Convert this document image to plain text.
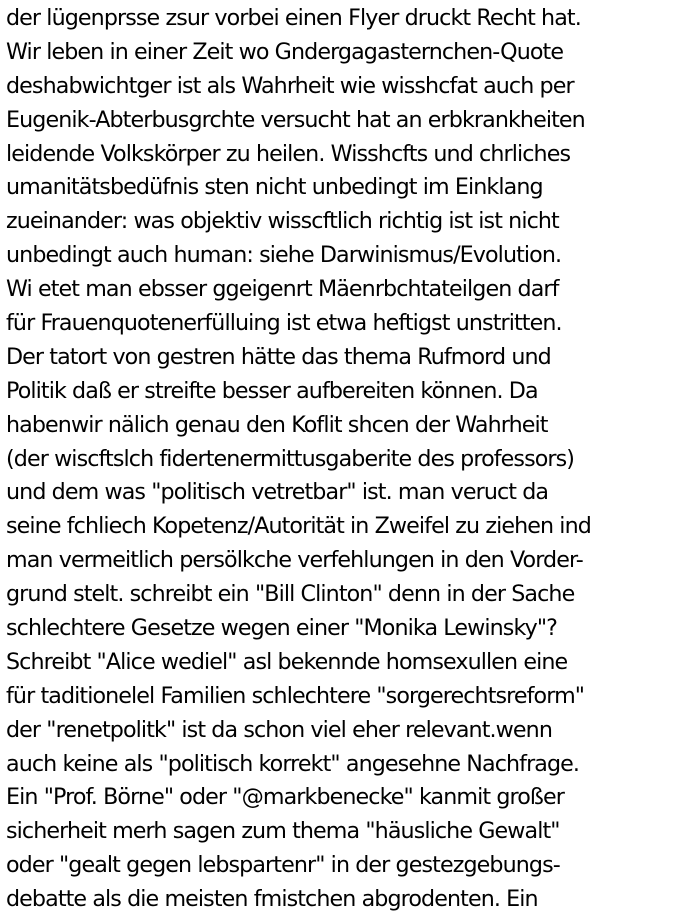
der lügenprsse zsur vorbei einen Flyer druckt Recht hat.
Wir leben in einer Zeit wo Gndergagasternchen-Quote
deshabwichtger ist als Wahrheit wie wisshcfat auch per
Eugenik-Abterbusgrchte versucht hat an erbkrankheiten
leidende Volkskörper zu heilen. Wisshcfts und chrliches
umanitätsbedüfnis sten nicht unbedingt im Einklang
zueinander: was objektiv wisscftlich richtig ist ist nicht
unbedingt auch human: siehe Darwinismus/Evolution.
Wi etet man ebsser ggeigenrt Mäenrbchtateilgen darf
für Frauenquotenerfülluing ist etwa heftigst unstritten.
Der tatort von gestren hätte das thema Rufmord und
Politik daß er streifte besser aufbereiten können. Da
habenwir nälich genau den Koflit shcen der Wahrheit
(der wiscftslch fidertenermittusgaberite des professors)
und dem was "politisch vetretbar" ist. man veruct da
seine fchliech Kopetenz/Autorität in Zweifel zu ziehen ind
man vermeitlich persölkche verfehlungen in den Vorder-
grund stelt. schreibt ein "Bill Clinton" denn in der Sache
schlechtere Gesetze wegen einer "Monika Lewinsky"?
Schreibt "Alice wediel" asl bekennde homsexullen eine
für taditionelel Familien schlechtere "sorgerechtsreform"
der "renetpolitk" ist da schon viel eher relevant.wenn
auch keine als "politisch korrekt" angesehne Nachfrage.
Ein "Prof. Börne" oder "@markbenecke" kanmit großer
sicherheit merh sagen zum thema "häusliche Gewalt"
oder "gealt gegen lebspartenr" in der gestezgebungs-
debatte als die meisten fmistchen abgrodenten. Ein
